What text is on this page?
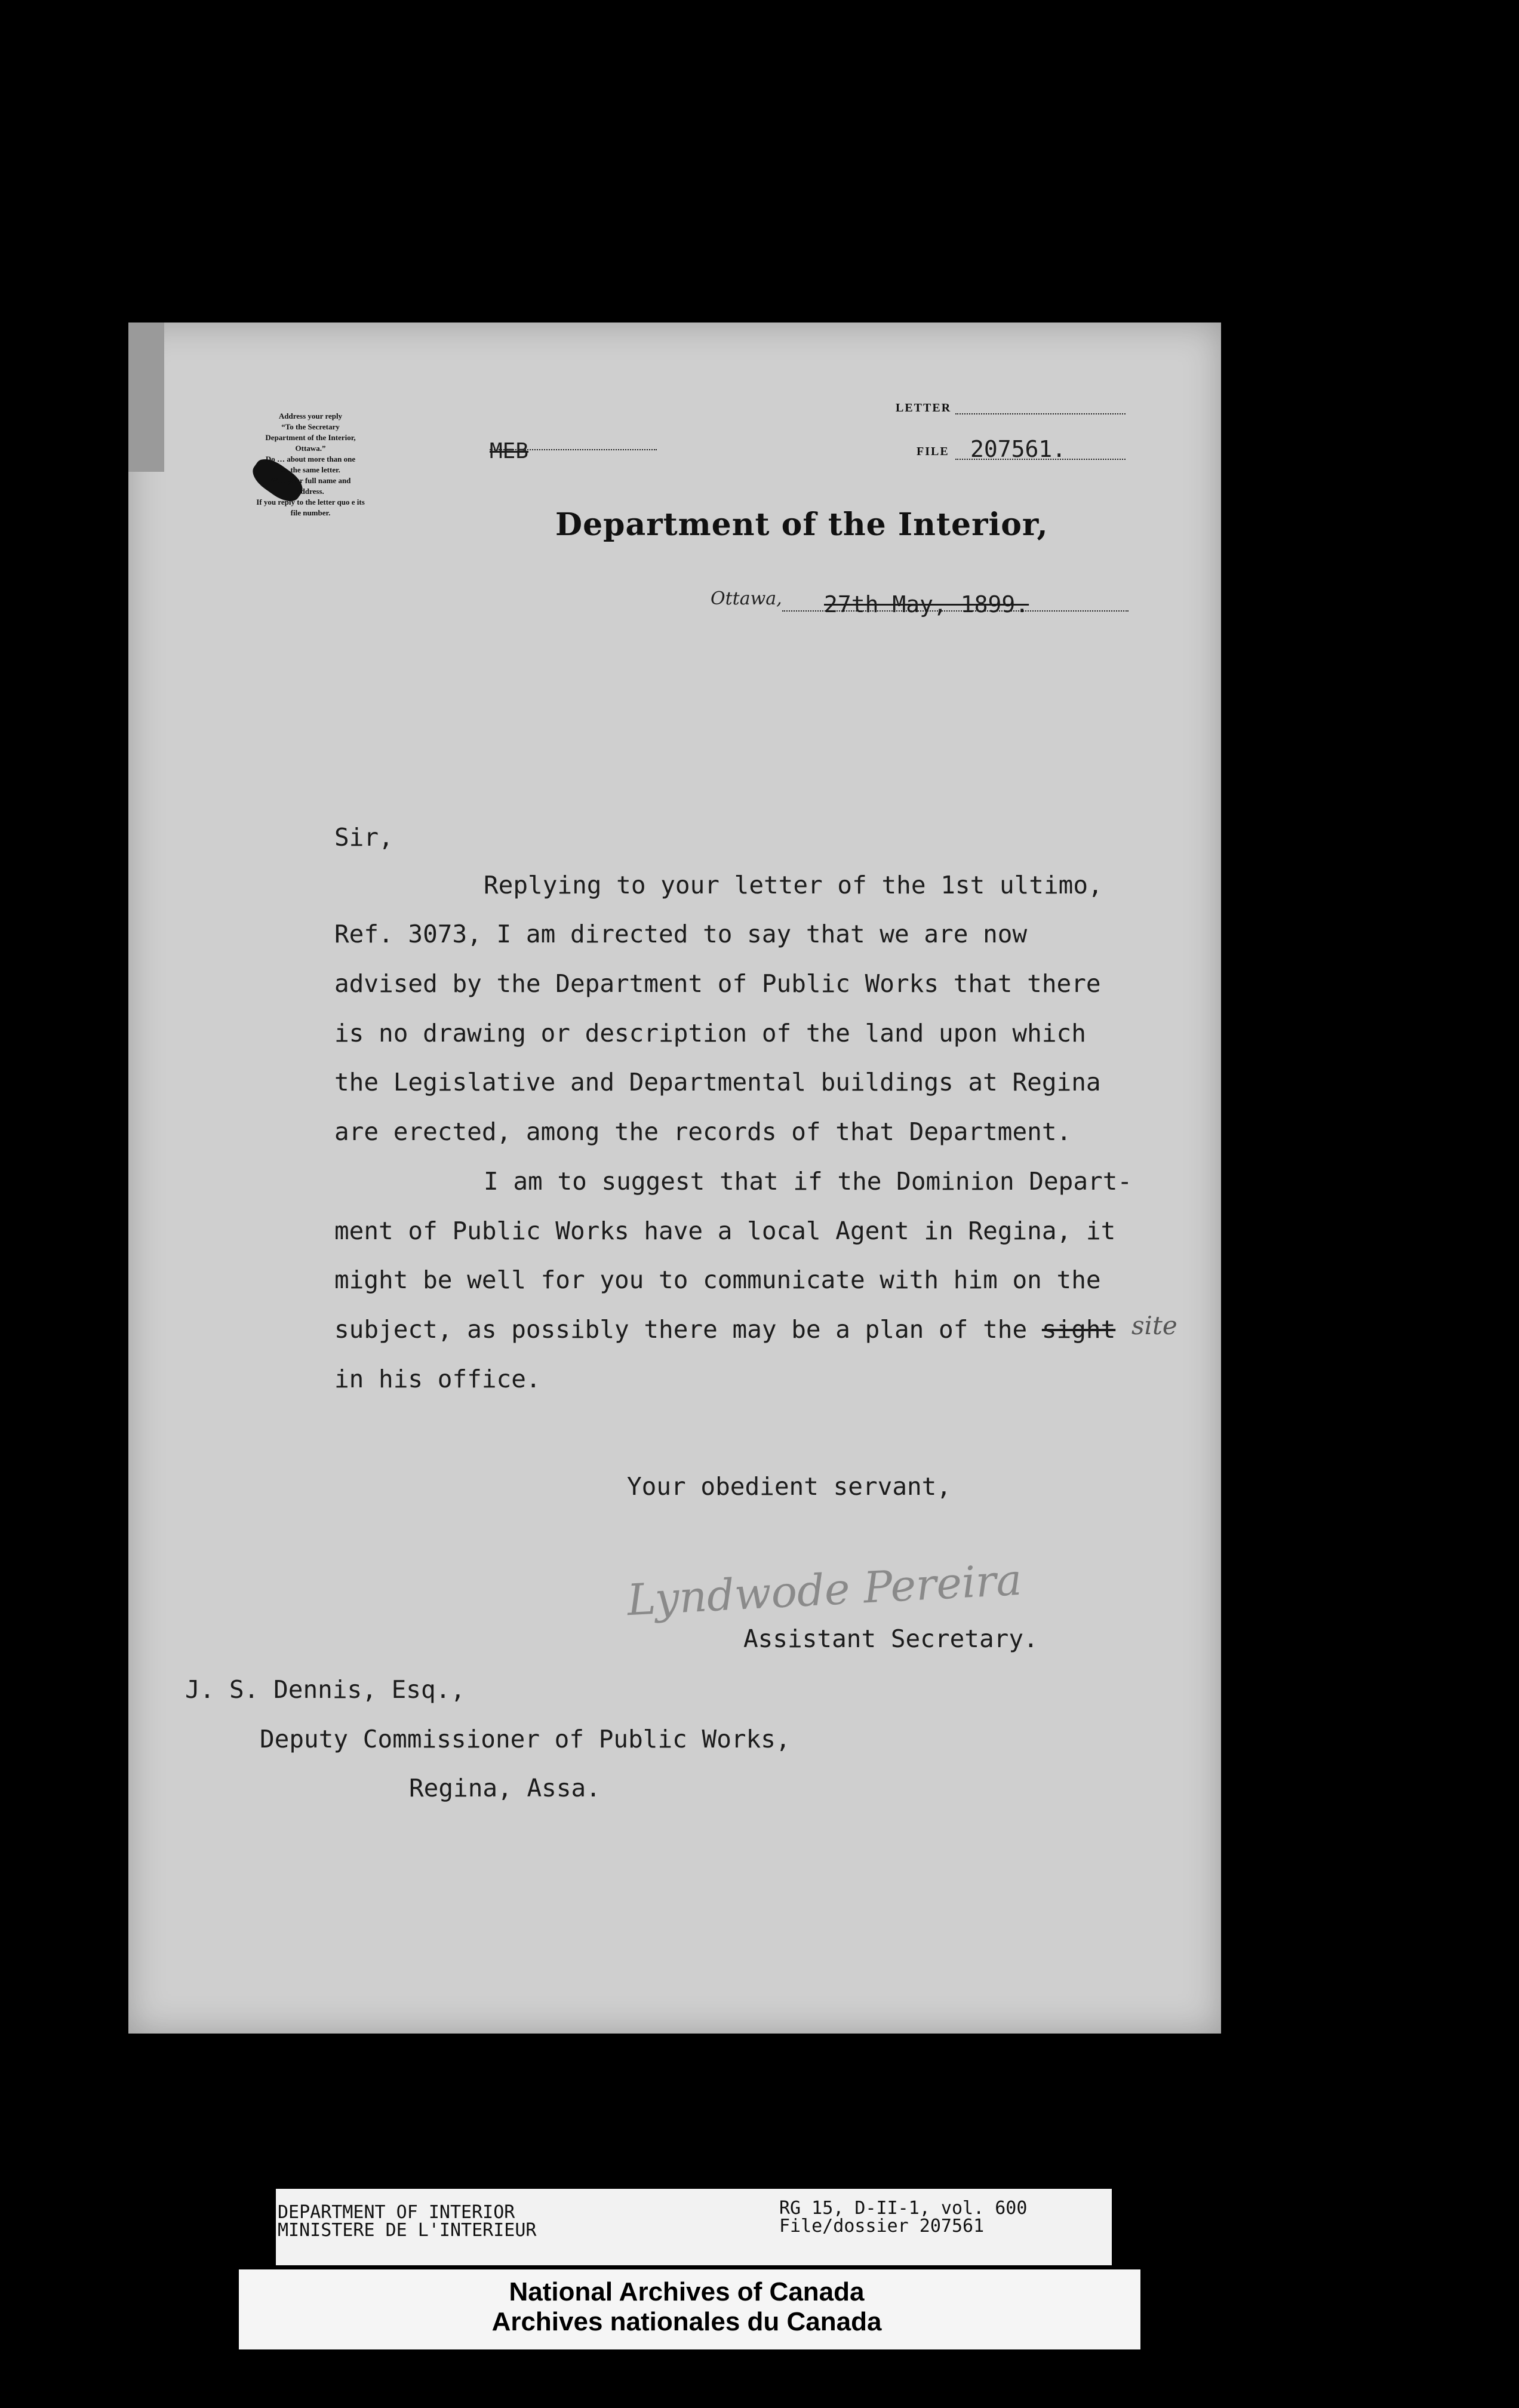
Address your reply
“To the Secretary
Department of the Interior,
Ottawa.”
Do … about more than one
… the same letter.
W… your full name and
address.
If you reply to the letter quo e its
file number.
LETTER
MEB	FILE 207561.
Department of the Interior,
Ottawa, 27th May, 1899.
Sir,
Replying to your letter of the 1st ultimo,
Ref. 3073, I am directed to say that we are now
advised by the Department of Public Works that there
is no drawing or description of the land upon which
the Legislative and Departmental buildings at Regina
are erected, among the records of that Department.
I am to suggest that if the Dominion Depart-
ment of Public Works have a local Agent in Regina, it
might be well for you to communicate with him on the
subject, as possibly there may be a plan of the sight site
in his office.
Your obedient servant,
Lyndwode Pereira
Assistant Secretary.
J. S. Dennis, Esq.,
Deputy Commissioner of Public Works,
Regina, Assa.
DEPARTMENT OF INTERIOR
MINISTERE DE L'INTERIEUR
RG 15, D-II-1, vol. 600
File/dossier 207561
National Archives of Canada
Archives nationales du Canada
